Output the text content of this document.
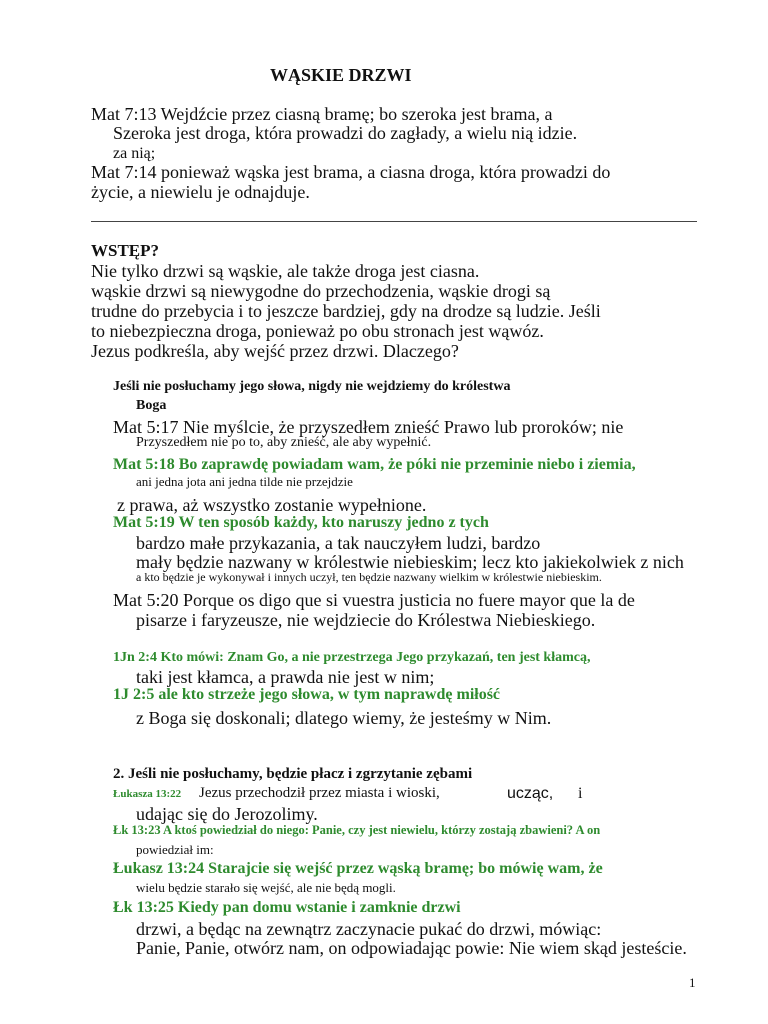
WĄSKIE DRZWI
Mat 7:13 Wejdźcie przez ciasną bramę; bo szeroka jest brama, a
Szeroka jest droga, która prowadzi do zagłady, a wielu nią idzie.
za nią;
Mat 7:14 ponieważ wąska jest brama, a ciasna droga, która prowadzi do
życie, a niewielu je odnajduje.
WSTĘP?
Nie tylko drzwi są wąskie, ale także droga jest ciasna.
wąskie drzwi są niewygodne do przechodzenia, wąskie drogi są
trudne do przebycia i to jeszcze bardziej, gdy na drodze są ludzie. Jeśli
to niebezpieczna droga, ponieważ po obu stronach jest wąwóz.
Jezus podkreśla, aby wejść przez drzwi. Dlaczego?
Jeśli nie posłuchamy jego słowa, nigdy nie wejdziemy do królestwa
Boga
Mat 5:17 Nie myślcie, że przyszedłem znieść Prawo lub proroków; nie
Przyszedłem nie po to, aby znieść, ale aby wypełnić.
Mat 5:18 Bo zaprawdę powiadam wam, że póki nie przeminie niebo i ziemia,
ani jedna jota ani jedna tilde nie przejdzie
z prawa, aż wszystko zostanie wypełnione.
Mat 5:19 W ten sposób każdy, kto naruszy jedno z tych
bardzo małe przykazania, a tak nauczyłem ludzi, bardzo
mały będzie nazwany w królestwie niebieskim; lecz kto jakiekolwiek z nich
a kto będzie je wykonywał i innych uczył, ten będzie nazwany wielkim w królestwie niebieskim.
Mat 5:20 Porque os digo que si vuestra justicia no fuere mayor que la de
pisarze i faryzeusze, nie wejdziecie do Królestwa Niebieskiego.
1Jn 2:4 Kto mówi: Znam Go, a nie przestrzega Jego przykazań, ten jest kłamcą,
taki jest kłamca, a prawda nie jest w nim;
1J 2:5 ale kto strzeże jego słowa, w tym naprawdę miłość
z Boga się doskonali; dlatego wiemy, że jesteśmy w Nim.
2. Jeśli nie posłuchamy, będzie płacz i zgrzytanie zębami
Łukasza 13:22 Jezus przechodził przez miasta i wioski,	ucząc, i
udając się do Jerozolimy.
Łk 13:23 A ktoś powiedział do niego: Panie, czy jest niewielu, którzy zostają zbawieni? A on
powiedział im:
Łukasz 13:24 Starajcie się wejść przez wąską bramę; bo mówię wam, że
wielu będzie starało się wejść, ale nie będą mogli.
Łk 13:25 Kiedy pan domu wstanie i zamknie drzwi
drzwi, a będąc na zewnątrz zaczynacie pukać do drzwi, mówiąc:
Panie, Panie, otwórz nam, on odpowiadając powie: Nie wiem skąd jesteście.
1
